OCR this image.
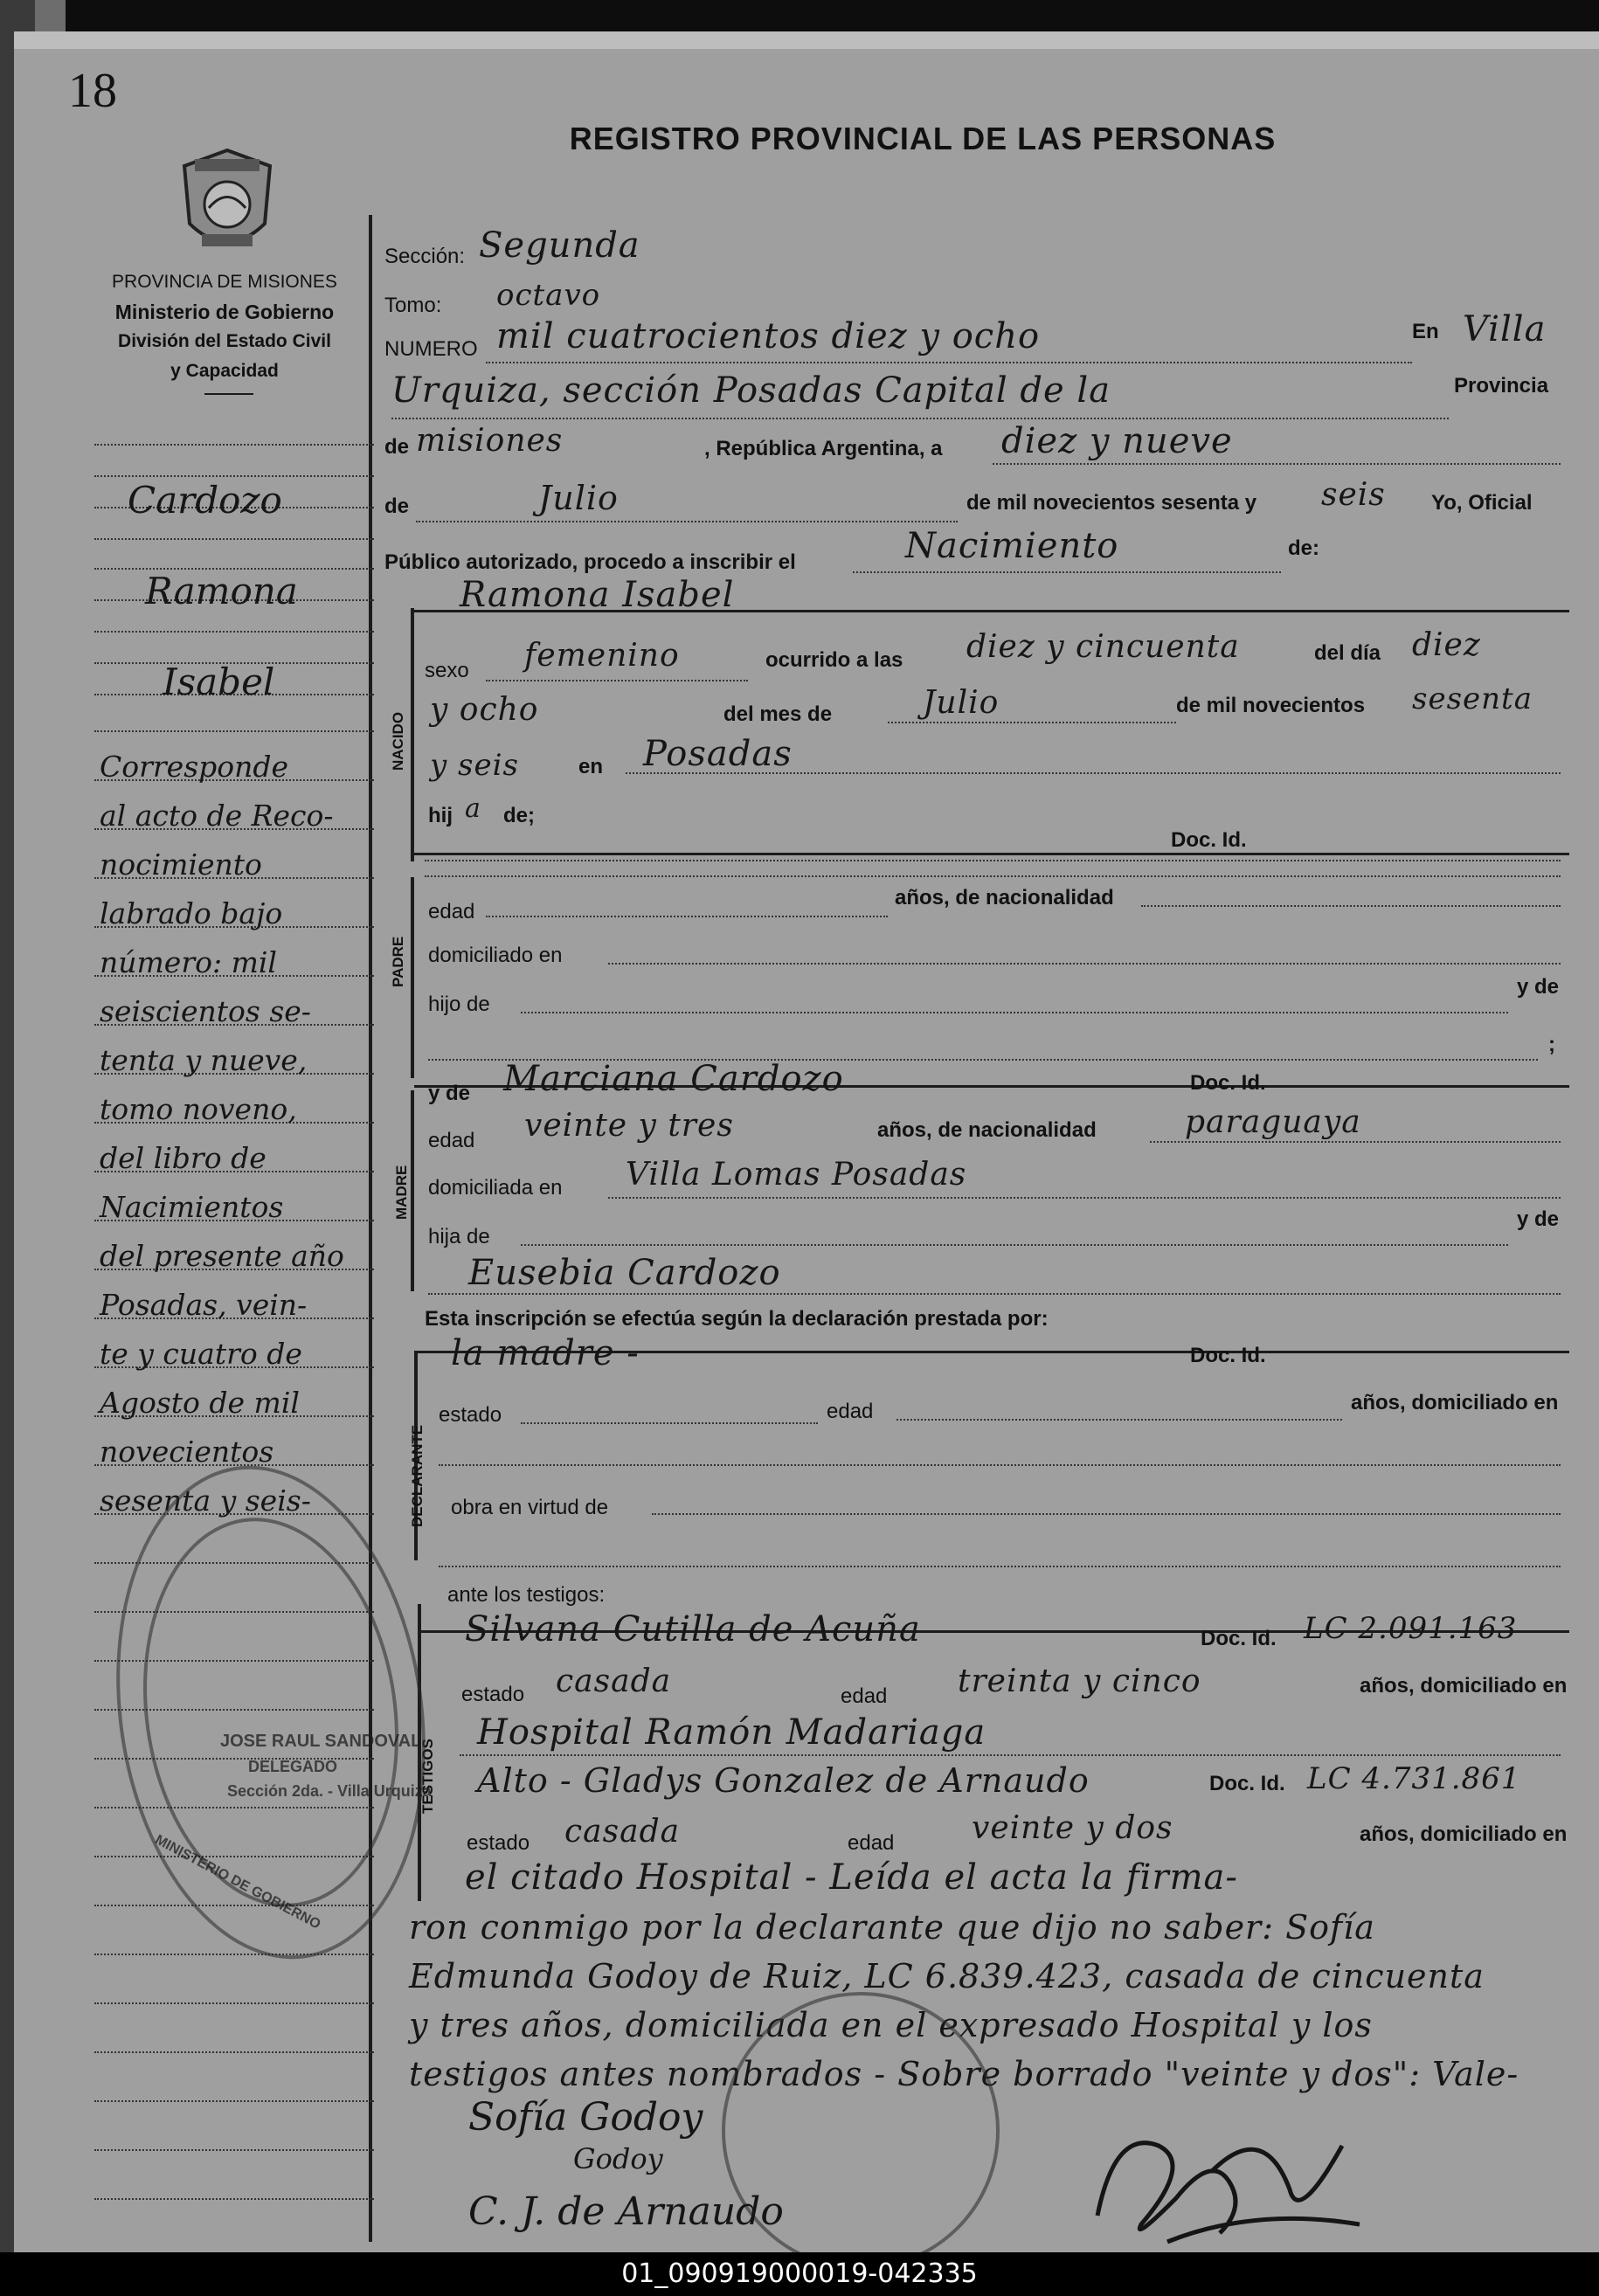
18
PROVINCIA DE MISIONES
Ministerio de Gobierno
División del Estado Civil
y Capacidad
REGISTRO PROVINCIAL DE LAS PERSONAS
NACIDO
PADRE
MADRE
DECLARANTE
TESTIGOS
Cardozo
Ramona
Isabel
Corresponde
al acto de Reco-
nocimiento
labrado bajo
número: mil
seiscientos se-
tenta y nueve,
tomo noveno,
del libro de
Nacimientos
del presente año
Posadas, vein-
te y cuatro de
Agosto de mil
novecientos
sesenta y seis-
JOSE RAUL SANDOVAL
DELEGADO
Sección 2da. - Villa Urquiza
MINISTERIO DE GOBIERNO
Sección: Segunda
Tomo: octavo
NUMERO mil cuatrocientos diez y ocho	En Villa
Urquiza, sección Posadas Capital de la	Provincia
de misiones	, República Argentina, a diez y nueve
de	Julio	de mil novecientos sesenta y seis Yo, Oficial
Público autorizado, procedo a inscribir el	Nacimiento	de:
Ramona Isabel
sexo femenino	ocurrido a las diez y cincuenta	del día diez
y ocho	del mes de	Julio	de mil novecientos sesenta
y seis	en Posadas
hij a de;
Doc. Id.
edad
años, de nacionalidad
domiciliado en
hijo de
y de
;
y de Marciana Cardozo	Doc. Id.
edad veinte y tres	años, de nacionalidad	paraguaya
domiciliada en Villa Lomas Posadas
hija de
y de
Eusebia Cardozo
Esta inscripción se efectúa según la declaración prestada por:
la madre -	Doc. Id.
estado	edad	años, domiciliado en
obra en virtud de
ante los testigos:
Silvana Cutilla de Acuña	Doc. Id. LC 2.091.163
estado casada	edad treinta y cinco	años, domiciliado en
Hospital Ramón Madariaga
Alto - Gladys Gonzalez de Arnaudo	Doc. Id. LC 4.731.861
estado casada	edad veinte y dos	años, domiciliado en
el citado Hospital - Leída el acta la firma-
ron conmigo por la declarante que dijo no saber: Sofía
Edmunda Godoy de Ruiz, LC 6.839.423, casada de cincuenta
y tres años, domiciliada en el expresado Hospital y los
testigos antes nombrados - Sobre borrado "veinte y dos": Vale-
Sofía Godoy
Godoy
C. J. de Arnaudo
01_090919000019-042335
